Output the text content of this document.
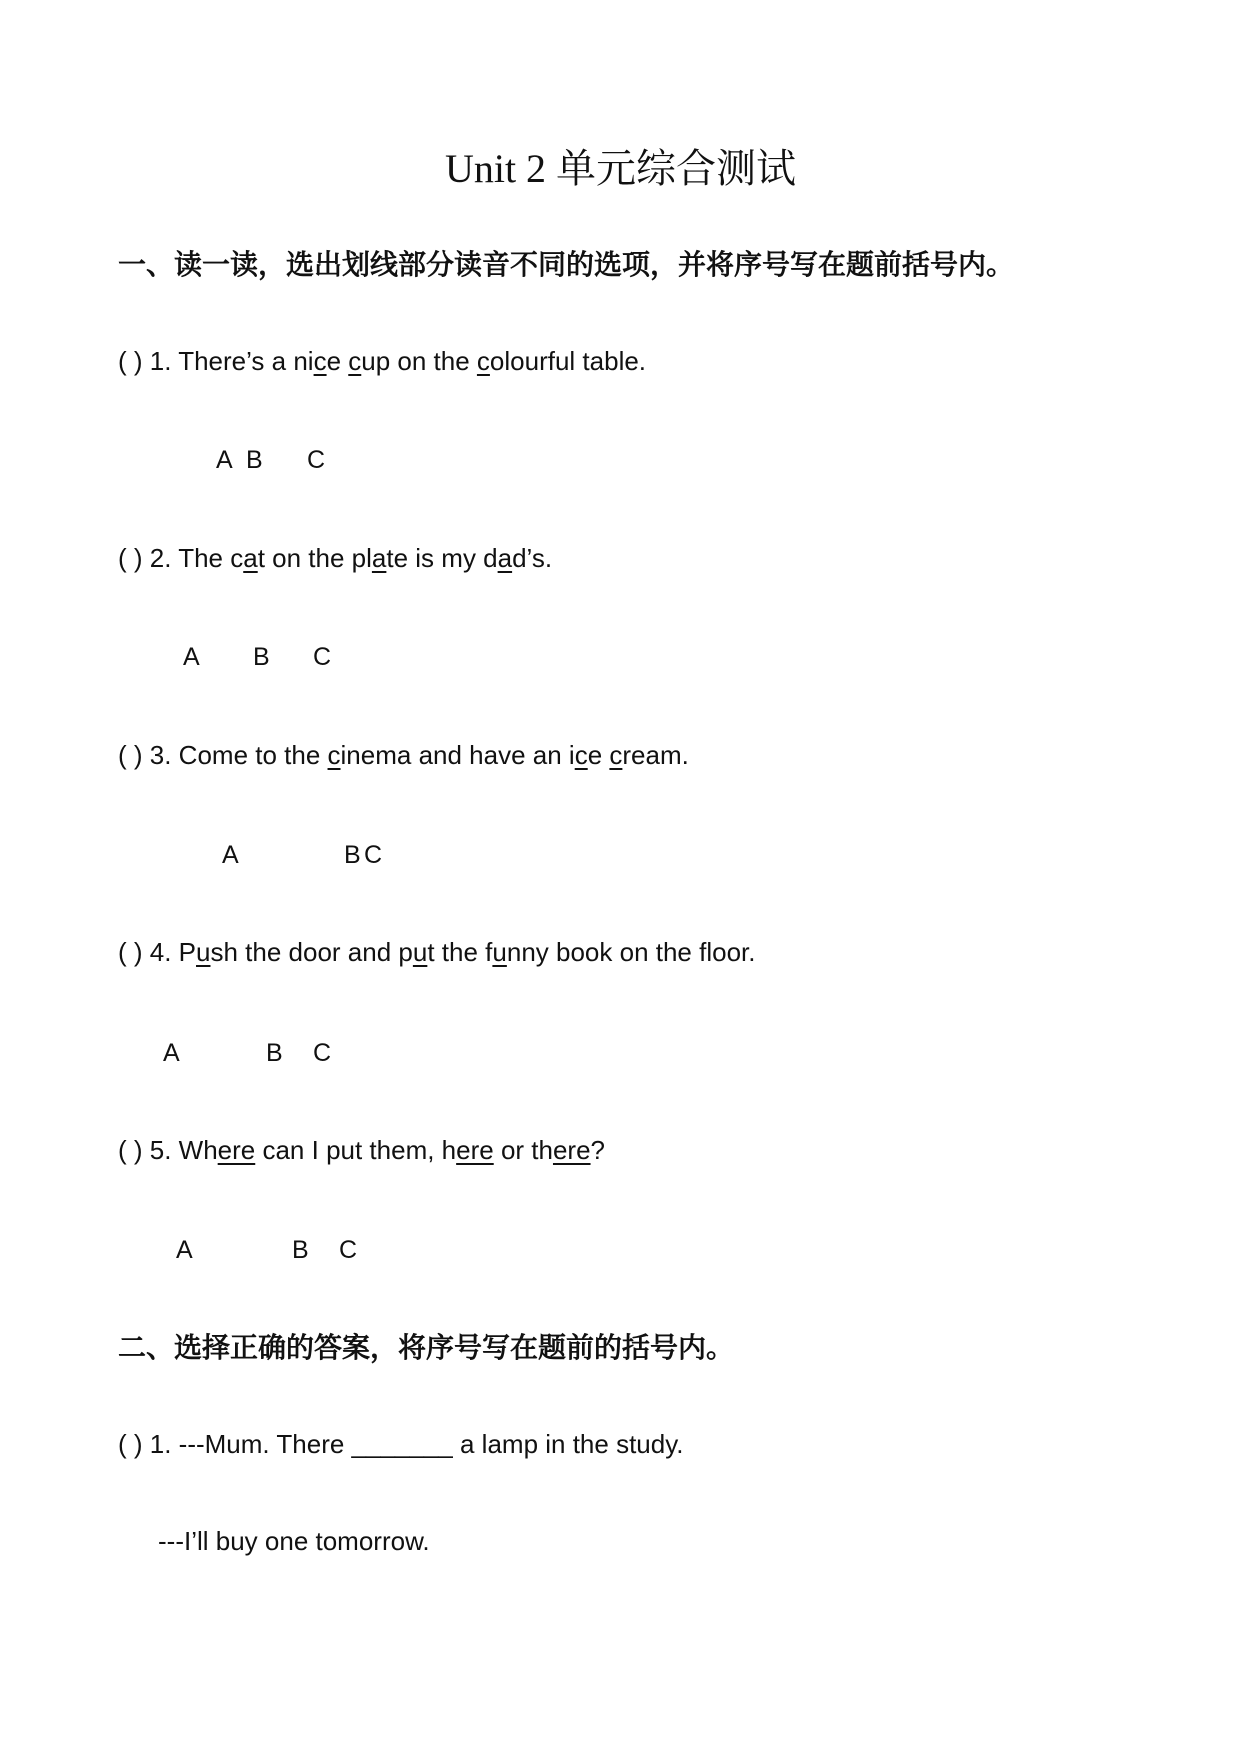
Unit 2 单元综合测试

一、读一读，选出划线部分读音不同的选项，并将序号写在题前括号内。

( ) 1. There’s a nice cup on the colourful table.

A B C

( ) 2. The cat on the plate is my dad’s.

A B C

( ) 3. Come to the cinema and have an ice cream.

A	B C

( ) 4. Push the door and put the funny book on the floor.

A	B C

( ) 5. Where can I put them, here or there?

A	B C

二、选择正确的答案，将序号写在题前的括号内。

( ) 1. ---Mum. There _______ a lamp in the study.

---I’ll buy one tomorrow.
